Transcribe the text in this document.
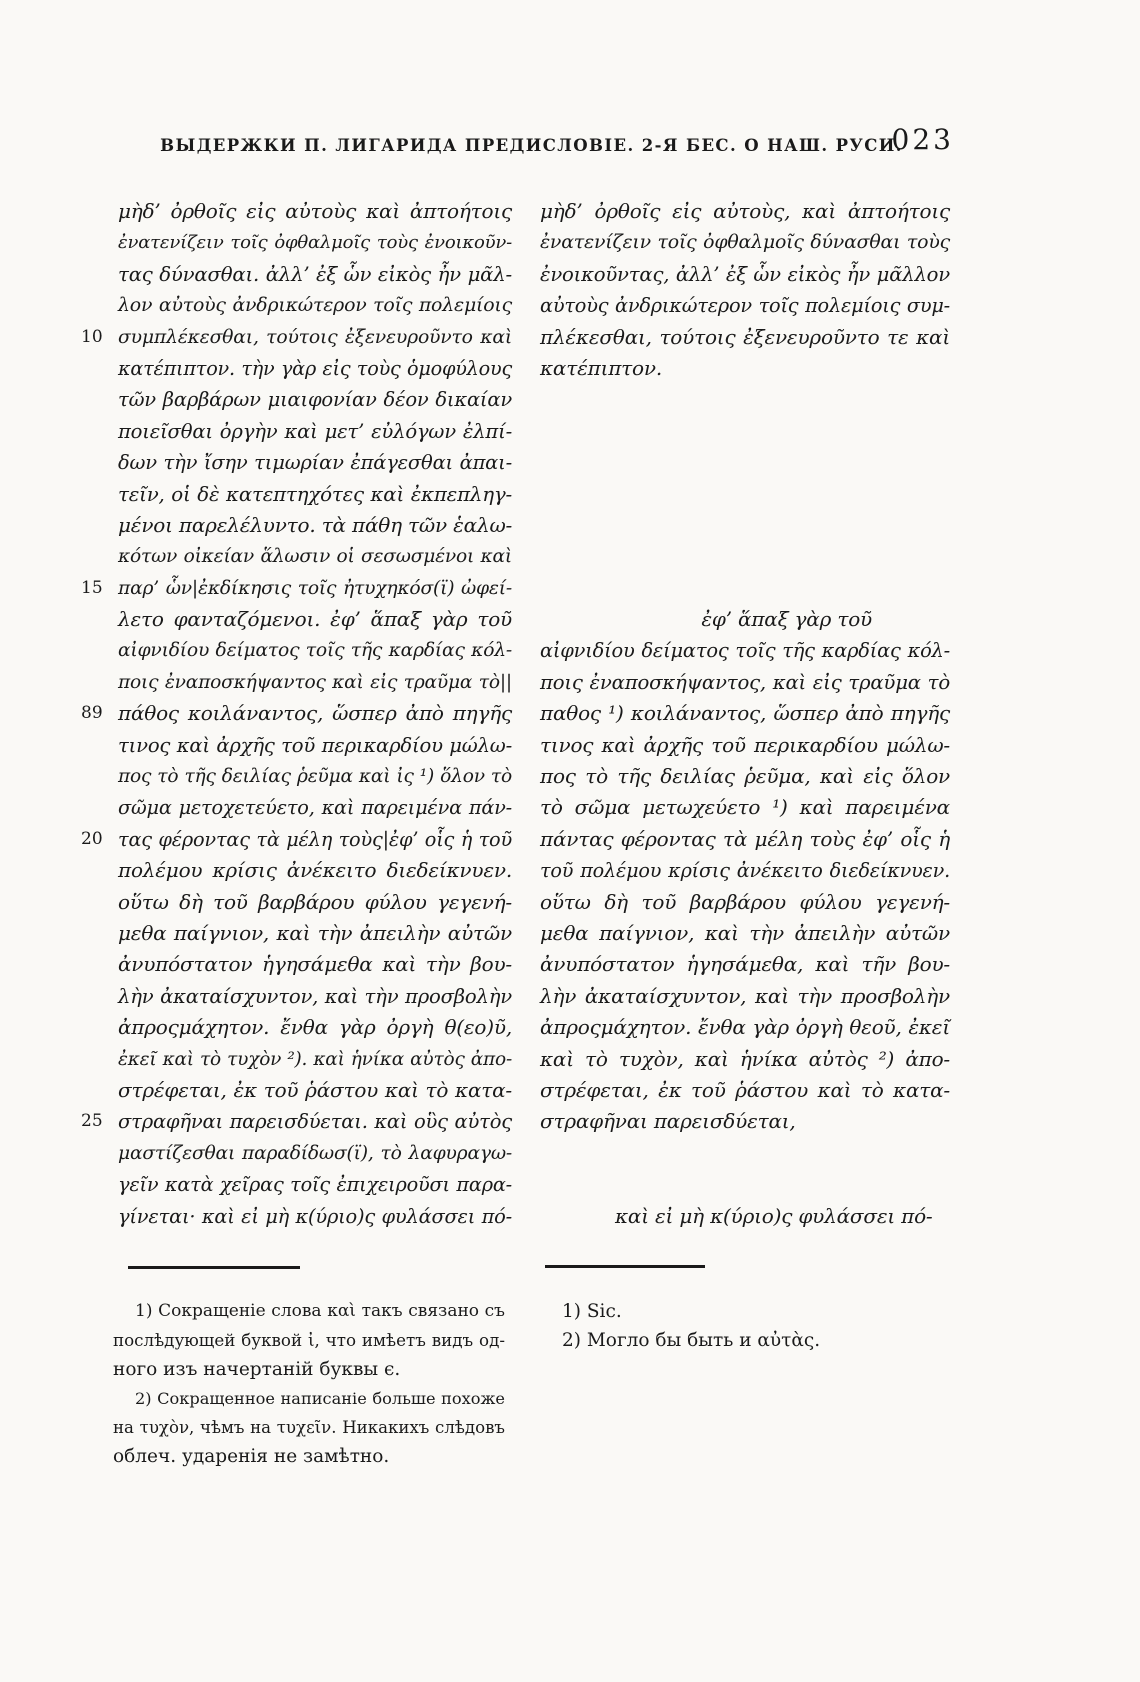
ВЫДЕРЖКИ П. ЛИГАРИДА ПРЕДИСЛОВІЕ. 2-Я БЕС. О НАШ. РУСИ.
023
μὴδ’ ὀρθοῖς εἰς αὐτοὺς καὶ ἀπτοήτοις
ἐνατενίζειν τοῖς ὀφθαλμοῖς τοὺς ἐνοικοῦν-
τας δύνασθαι. ἀλλ’ ἐξ ὧν εἰκὸς ἦν μᾶλ-
λον αὐτοὺς ἀνδρικώτερον τοῖς πολεμίοις
10 συμπλέκεσθαι, τούτοις ἐξενευροῦντο καὶ
κατέπιπτον. τὴν γὰρ εἰς τοὺς ὁμοφύλους
τῶν βαρβάρων μιαιφονίαν δέον δικαίαν
ποιεῖσθαι ὀργὴν καὶ μετ’ εὐλόγων ἐλπί-
δων τὴν ἴσην τιμωρίαν ἐπάγεσθαι ἀπαι-
τεῖν, οἱ δὲ κατεπτηχότες καὶ ἐκπεπληγ-
μένοι παρελέλυντο. τὰ πάθη τῶν ἑαλω-
κότων οἰκείαν ἅλωσιν οἱ σεσωσμένοι καὶ
15 παρ’ ὧν|ἐκδίκησις τοῖς ἠτυχηκόσ(ϊ) ὠφεί-
λετο φανταζόμενοι. ἐφ’ ἅπαξ γὰρ τοῦ
αἰφνιδίου δείματος τοῖς τῆς καρδίας κόλ-
ποις ἐναποσκήψαντος καὶ εἰς τραῦμα τὸ||
89 πάθος κοιλάναντος, ὥσπερ ἀπὸ πηγῆς
τινος καὶ ἀρχῆς τοῦ περικαρδίου μώλω-
πος τὸ τῆς δειλίας ῥεῦμα καὶ ἰς ¹) ὅλον τὸ
σῶμα μετοχετεύετο, καὶ παρειμένα πάν-
20 τας φέροντας τὰ μέλη τοὺς|ἐφ’ οἷς ἡ τοῦ
πολέμου κρίσις ἀνέκειτο διεδείκνυεν.
οὕτω δὴ τοῦ βαρβάρου φύλου γεγενή-
μεθα παίγνιον, καὶ τὴν ἀπειλὴν αὐτῶν
ἀνυπόστατον ἡγησάμεθα καὶ τὴν βου-
λὴν ἀκαταίσχυντον, καὶ τὴν προσβολὴν
ἀπροςμάχητον. ἔνθα γὰρ ὀργὴ θ(εο)ῦ,
ἐκεῖ καὶ τὸ τυχὸν ²). καὶ ἡνίκα αὐτὸς ἀπο-
στρέφεται, ἐκ τοῦ ῥάστου καὶ τὸ κατα-
25 στραφῆναι παρεισδύεται. καὶ οὓς αὐτὸς
μαστίζεσθαι παραδίδωσ(ϊ), τὸ λαφυραγω-
γεῖν κατὰ χεῖρας τοῖς ἐπιχειροῦσι παρα-
γίνεται· καὶ εἰ μὴ κ(ύριο)ς φυλάσσει πό-
μὴδ’ ὀρθοῖς εἰς αὐτοὺς, καὶ ἀπτοήτοις
ἐνατενίζειν τοῖς ὀφθαλμοῖς δύνασθαι τοὺς
ἐνοικοῦντας, ἀλλ’ ἐξ ὧν εἰκὸς ἦν μᾶλλον
αὐτοὺς ἀνδρικώτερον τοῖς πολεμίοις συμ-
πλέκεσθαι, τούτοις ἐξενευροῦντο τε καὶ
κατέπιπτον.
ἐφ’ ἅπαξ γὰρ τοῦ
αἰφνιδίου δείματος τοῖς τῆς καρδίας κόλ-
ποις ἐναποσκήψαντος, καὶ εἰς τραῦμα τὸ
παθος ¹) κοιλάναντος, ὥσπερ ἀπὸ πηγῆς
τινος καὶ ἀρχῆς τοῦ περικαρδίου μώλω-
πος τὸ τῆς δειλίας ῥεῦμα, καὶ εἰς ὅλον
τὸ σῶμα μετωχεύετο ¹) καὶ παρειμένα
πάντας φέροντας τὰ μέλη τοὺς ἐφ’ οἷς ἡ
τοῦ πολέμου κρίσις ἀνέκειτο διεδείκνυεν.
οὕτω δὴ τοῦ βαρβάρου φύλου γεγενή-
μεθα παίγνιον, καὶ τὴν ἀπειλὴν αὐτῶν
ἀνυπόστατον ἡγησάμεθα, καὶ τῆν βου-
λὴν ἀκαταίσχυντον, καὶ τὴν προσβολὴν
ἀπροςμάχητον. ἔνθα γὰρ ὀργὴ θεοῦ, ἐκεῖ
καὶ τὸ τυχὸν, καὶ ἡνίκα αὐτὸς ²) ἀπο-
στρέφεται, ἐκ τοῦ ῥάστου καὶ τὸ κατα-
στραφῆναι παρεισδύεται,
καὶ εἰ μὴ κ(ύριο)ς φυλάσσει πό-
1) Сокращеніе слова καὶ такъ связано съ
послѣдующей буквой ἰ, что имѣетъ видъ од-
ного изъ начертаній буквы є.
2) Сокращенное написаніе больше похоже
на τυχὸν, чѣмъ на τυχεῖν. Никакихъ слѣдовъ
облеч. ударенія не замѣтно.
1) Sic.
2) Могло бы быть и αὐτὰς.
